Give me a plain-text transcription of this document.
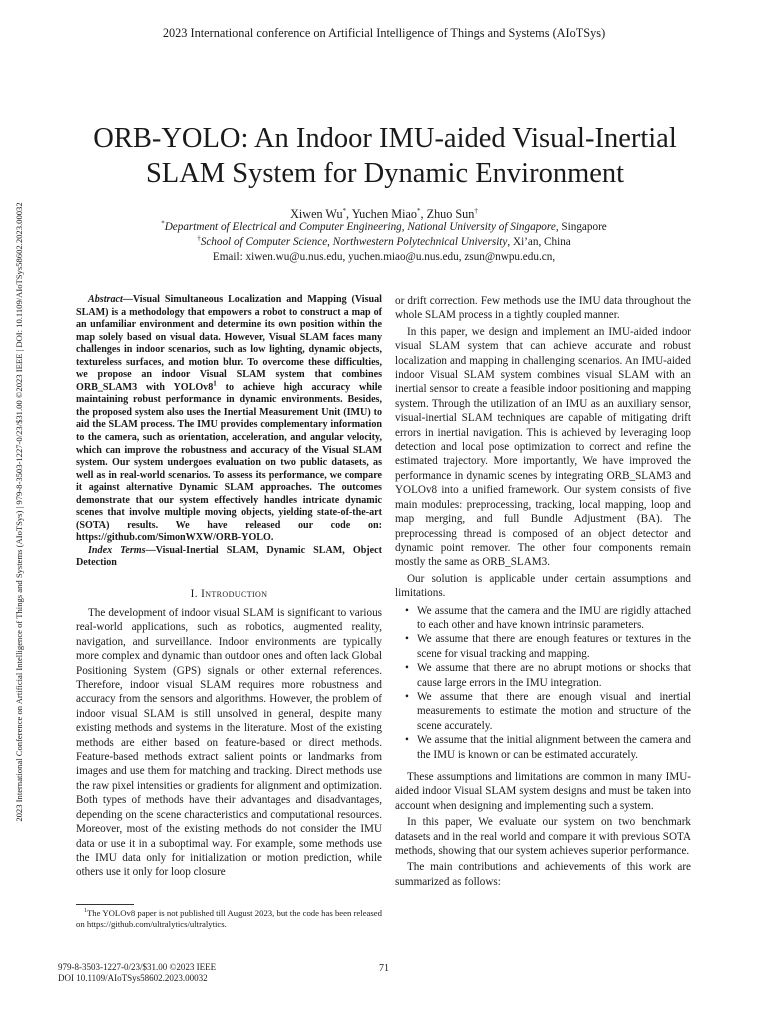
2023 International conference on Artificial Intelligence of Things and Systems (AIoTSys)
2023 International Conference on Artificial Intelligence of Things and Systems (AIoTSys) | 979-8-3503-1227-0/23/$31.00 ©2023 IEEE | DOI: 10.1109/AIoTSys58602.2023.00032
ORB-YOLO: An Indoor IMU-aided Visual-Inertial
SLAM System for Dynamic Environment
Xiwen Wu*, Yuchen Miao*, Zhuo Sun†
*Department of Electrical and Computer Engineering, National University of Singapore, Singapore
†School of Computer Science, Northwestern Polytechnical University, Xi’an, China
Email: xiwen.wu@u.nus.edu, yuchen.miao@u.nus.edu, zsun@nwpu.edu.cn,
Abstract—Visual Simultaneous Localization and Mapping (Visual SLAM) is a methodology that empowers a robot to construct a map of an unfamiliar environment and determine its own position within the map solely based on visual data. However, Visual SLAM faces many challenges in indoor scenarios, such as low lighting, dynamic objects, textureless surfaces, and motion blur. To overcome these difficulties, we propose an indoor Visual SLAM system that combines ORB_SLAM3 with $YOLOv8^1$ to achieve high accuracy while maintaining robust performance in dynamic environments. Besides, the proposed system also uses the Inertial Measurement Unit (IMU) to aid the SLAM process. The IMU provides complementary information to the camera, such as orientation, acceleration, and angular velocity, which can improve the robustness and accuracy of the Visual SLAM system. Our system undergoes evaluation on two public datasets, as well as in real-world scenarios. To assess its performance, we compare it against alternative Dynamic SLAM approaches. The outcomes demonstrate that our system effectively handles intricate dynamic scenes that involve multiple moving objects, yielding state-of-the-art (SOTA) results. We have released our code on: https://github.com/SimonWXW/ORB-YOLO.
Index Terms—Visual-Inertial SLAM, Dynamic SLAM, Object Detection
I. Introduction
The development of indoor visual SLAM is significant to various real-world applications, such as robotics, augmented reality, navigation, and surveillance. Indoor environments are typically more complex and dynamic than outdoor ones and often lack Global Positioning System (GPS) signals or other external references. Therefore, indoor visual SLAM requires more robustness and accuracy from the sensors and algorithms. However, the problem of indoor visual SLAM is still unsolved in general, despite many existing methods and systems in the literature. Most of the existing methods are either based on feature-based or direct methods. Feature-based methods extract salient points or landmarks from images and use them for matching and tracking. Direct methods use the raw pixel intensities or gradients for alignment and optimization. Both types of methods have their advantages and disadvantages, depending on the scene characteristics and computational resources. Moreover, most of the existing methods do not consider the IMU data or use it in a suboptimal way. For example, some methods use the IMU data only for initialization or motion prediction, while others use it only for loop closure
$^1$The YOLOv8 paper is not published till August 2023, but the code has been released on https://github.com/ultralytics/ultralytics.

or drift correction. Few methods use the IMU data throughout the whole SLAM process in a tightly coupled manner.

In this paper, we design and implement an IMU-aided indoor visual SLAM system that can achieve accurate and robust localization and mapping in challenging scenarios. An IMU-aided indoor Visual SLAM system combines visual SLAM with an inertial sensor to create a feasible indoor positioning and mapping system. Through the utilization of an IMU as an auxiliary sensor, visual-inertial SLAM techniques are capable of mitigating drift errors in inertial navigation. This is achieved by leveraging loop detection and local pose optimization to correct and refine the estimated trajectory. More importantly, We have improved the performance in dynamic scenes by integrating ORB_SLAM3 and YOLOv8 into a unified framework. Our system consists of five main modules: preprocessing, tracking, local mapping, loop and map merging, and full Bundle Adjustment (BA). The preprocessing thread is composed of an object detector and dynamic point remover. The other four components remain mostly the same as ORB_SLAM3.

Our solution is applicable under certain assumptions and limitations.

• We assume that the camera and the IMU are rigidly attached to each other and have known intrinsic parameters.
• We assume that there are enough features or textures in the scene for visual tracking and mapping.
• We assume that there are no abrupt motions or shocks that cause large errors in the IMU integration.
• We assume that there are enough visual and inertial measurements to estimate the motion and structure of the scene accurately.
• We assume that the initial alignment between the camera and the IMU is known or can be estimated accurately.

These assumptions and limitations are common in many IMU-aided indoor Visual SLAM system designs and must be taken into account when designing and implementing such a system.

In this paper, We evaluate our system on two benchmark datasets and in the real world and compare it with previous SOTA methods, showing that our system achieves superior performance.

The main contributions and achievements of this work are summarized as follows:

979-8-3503-1227-0/23/$31.00 ©2023 IEEE
DOI 10.1109/AIoTSys58602.2023.00032
71
